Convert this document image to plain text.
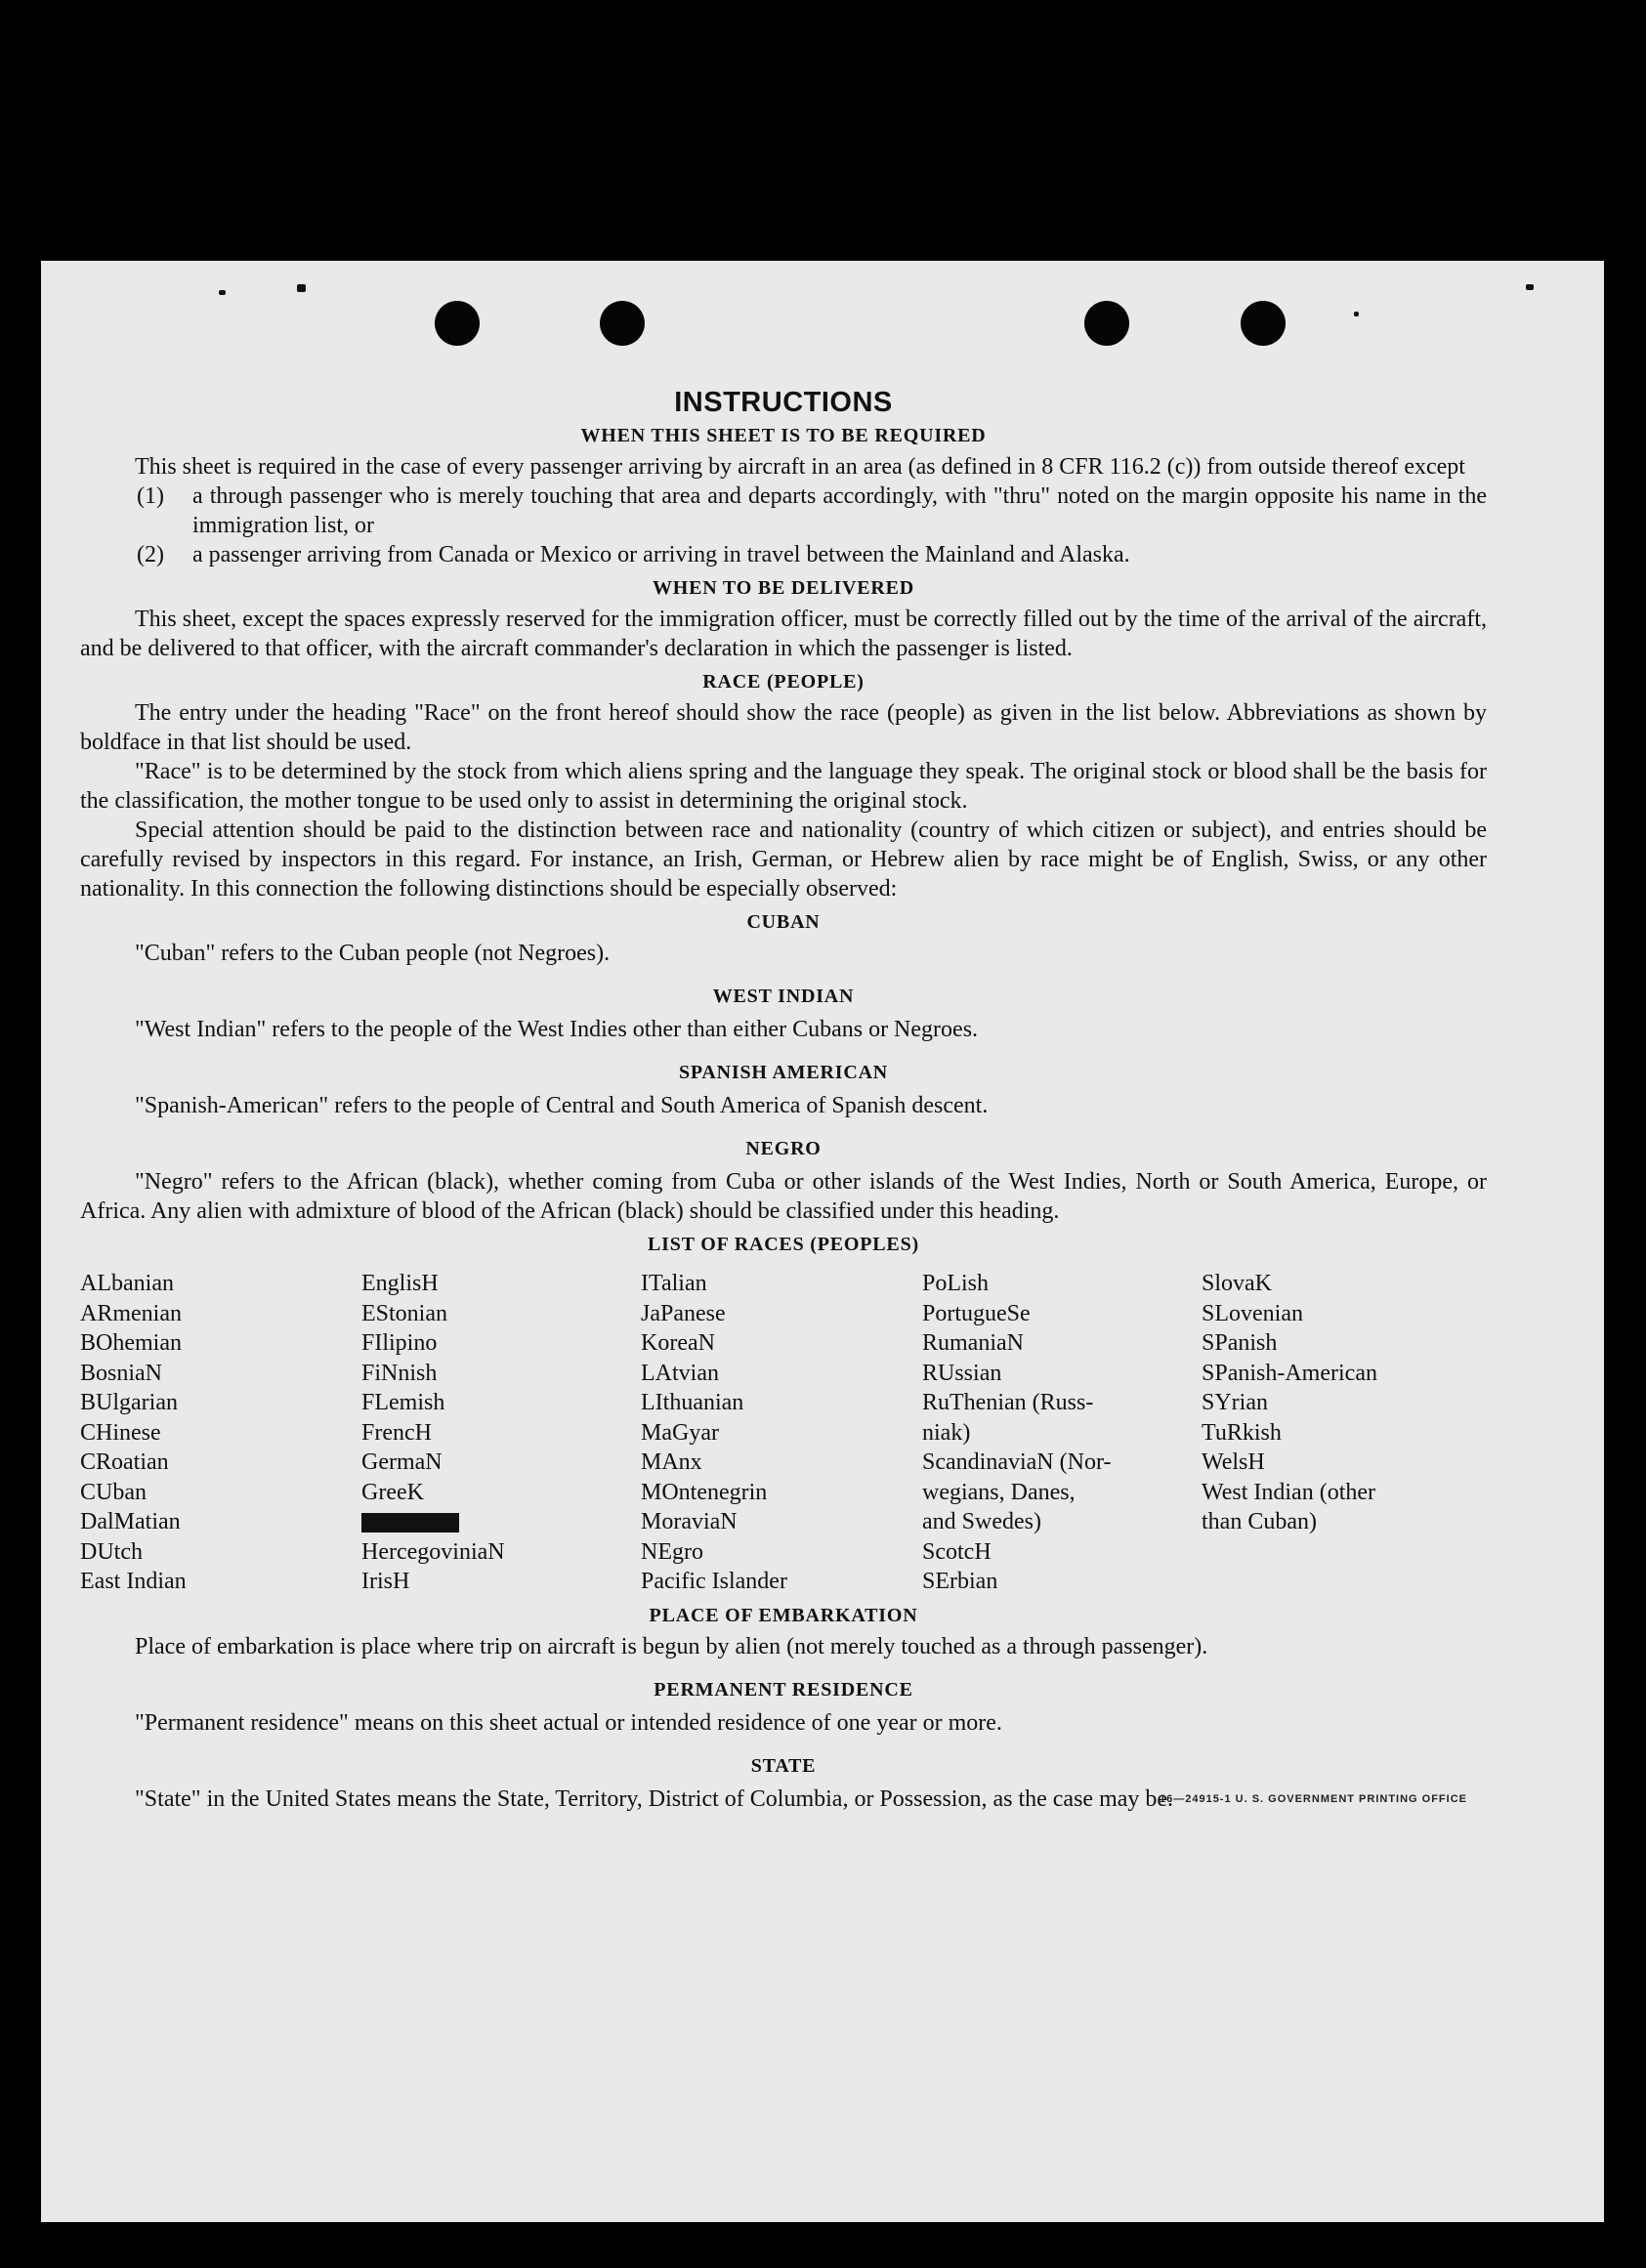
INSTRUCTIONS
WHEN THIS SHEET IS TO BE REQUIRED

This sheet is required in the case of every passenger arriving by aircraft in an area (as defined in 8 CFR 116.2 (c)) from outside thereof except

(1) a through passenger who is merely touching that area and departs accordingly, with "thru" noted on the margin opposite his name in the immigration list, or
(2) a passenger arriving from Canada or Mexico or arriving in travel between the Mainland and Alaska.
WHEN TO BE DELIVERED

This sheet, except the spaces expressly reserved for the immigration officer, must be correctly filled out by the time of the arrival of the aircraft, and be delivered to that officer, with the aircraft commander's declaration in which the passenger is listed.

RACE (PEOPLE)

The entry under the heading "Race" on the front hereof should show the race (people) as given in the list below. Abbreviations as shown by boldface in that list should be used.

"Race" is to be determined by the stock from which aliens spring and the language they speak. The original stock or blood shall be the basis for the classification, the mother tongue to be used only to assist in determining the original stock.

Special attention should be paid to the distinction between race and nationality (country of which citizen or subject), and entries should be carefully revised by inspectors in this regard. For instance, an Irish, German, or Hebrew alien by race might be of English, Swiss, or any other nationality. In this connection the following distinctions should be especially observed:

CUBAN

"Cuban" refers to the Cuban people (not Negroes).

WEST INDIAN

"West Indian" refers to the people of the West Indies other than either Cubans or Negroes.

SPANISH AMERICAN

"Spanish-American" refers to the people of Central and South America of Spanish descent.

NEGRO

"Negro" refers to the African (black), whether coming from Cuba or other islands of the West Indies, North or South America, Europe, or Africa. Any alien with admixture of blood of the African (black) should be classified under this heading.

LIST OF RACES (PEOPLES)
ALbanian
ARmenian
BOhemian
BosniaN
BUlgarian
CHinese
CRoatian
CUban
DalMatian
DUtch
East Indian
EnglisH
EStonian
FIlipino
FiNnish
FLemish
FrencH
GermaN
GreeK
HercegoviniaN
IrisH
ITalian
JaPanese
KoreaN
LAtvian
LIthuanian
MaGyar
MAnx
MOntenegrin
MoraviaN
NEgro
Pacific Islander
PoLish
PortugueSe
RumaniaN
RUssian
RuThenian (Russ-
niak)
ScandinaviaN (Nor-
wegians, Danes,
and Swedes)
ScotcH
SErbian
SlovaK
SLovenian
SPanish
SPanish-American
SYrian
TuRkish
WelsH
West Indian (other
than Cuban)
PLACE OF EMBARKATION

Place of embarkation is place where trip on aircraft is begun by alien (not merely touched as a through passenger).

PERMANENT RESIDENCE

"Permanent residence" means on this sheet actual or intended residence of one year or more.

STATE

"State" in the United States means the State, Territory, District of Columbia, or Possession, as the case may be.

16—24915-1 U. S. GOVERNMENT PRINTING OFFICE
